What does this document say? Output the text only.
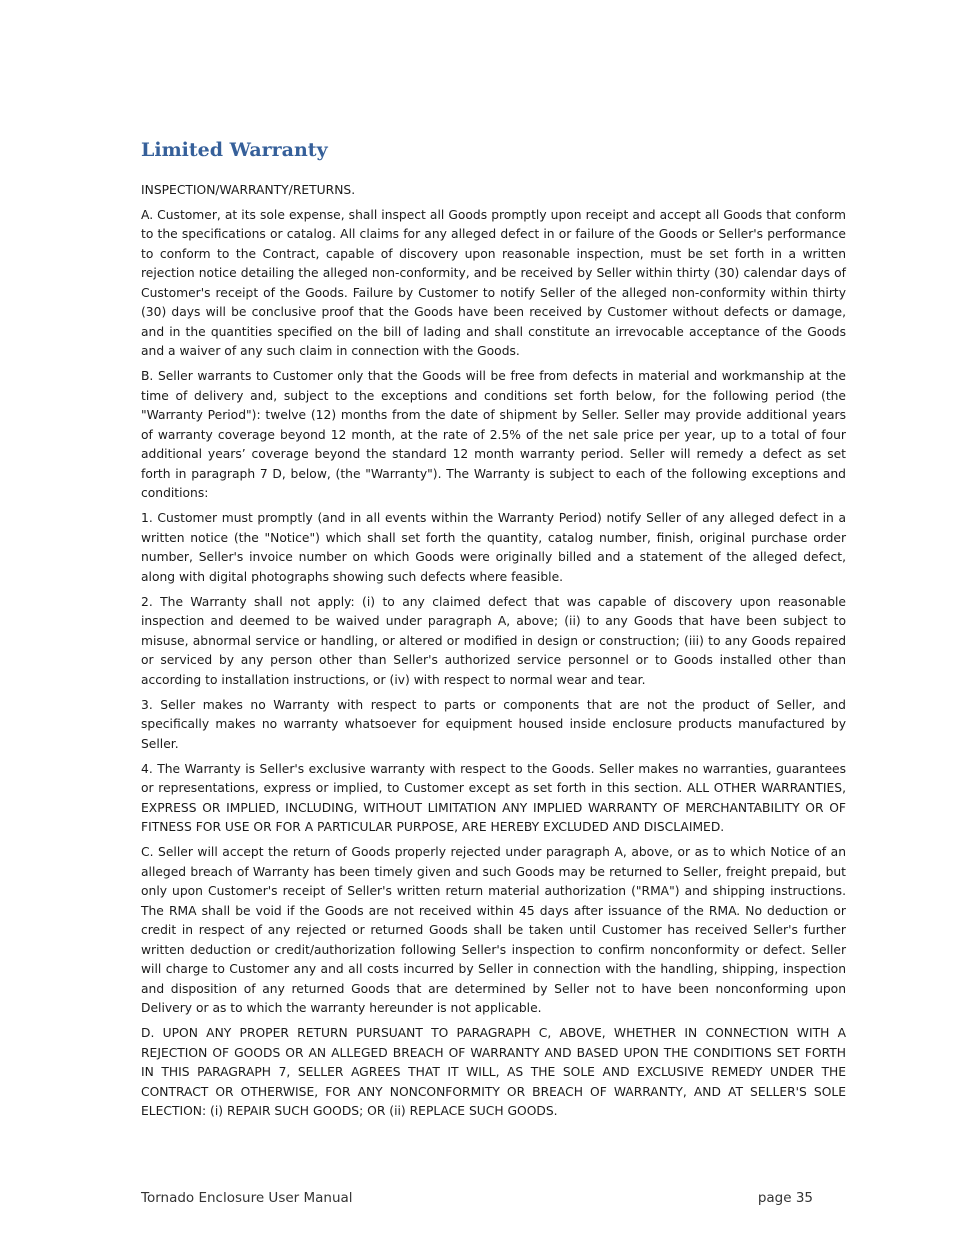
Limited Warranty

INSPECTION/WARRANTY/RETURNS.

A. Customer, at its sole expense, shall inspect all Goods promptly upon receipt and accept all Goods that conform to the specifications or catalog. All claims for any alleged defect in or failure of the Goods or Seller's performance to conform to the Contract, capable of discovery upon reasonable inspection, must be set forth in a written rejection notice detailing the alleged non-conformity, and be received by Seller within thirty (30) calendar days of Customer's receipt of the Goods. Failure by Customer to notify Seller of the alleged non-conformity within thirty (30) days will be conclusive proof that the Goods have been received by Customer without defects or damage, and in the quantities specified on the bill of lading and shall constitute an irrevocable acceptance of the Goods and a waiver of any such claim in connection with the Goods.

B. Seller warrants to Customer only that the Goods will be free from defects in material and workmanship at the time of delivery and, subject to the exceptions and conditions set forth below, for the following period (the "Warranty Period"): twelve (12) months from the date of shipment by Seller. Seller may provide additional years of warranty coverage beyond 12 month, at the rate of 2.5% of the net sale price per year, up to a total of four additional years’ coverage beyond the standard 12 month warranty period. Seller will remedy a defect as set forth in paragraph 7 D, below, (the "Warranty"). The Warranty is subject to each of the following exceptions and conditions:

1. Customer must promptly (and in all events within the Warranty Period) notify Seller of any alleged defect in a written notice (the "Notice") which shall set forth the quantity, catalog number, finish, original purchase order number, Seller's invoice number on which Goods were originally billed and a statement of the alleged defect, along with digital photographs showing such defects where feasible.

2. The Warranty shall not apply: (i) to any claimed defect that was capable of discovery upon reasonable inspection and deemed to be waived under paragraph A, above; (ii) to any Goods that have been subject to misuse, abnormal service or handling, or altered or modified in design or construction; (iii) to any Goods repaired or serviced by any person other than Seller's authorized service personnel or to Goods installed other than according to installation instructions, or (iv) with respect to normal wear and tear.

3. Seller makes no Warranty with respect to parts or components that are not the product of Seller, and specifically makes no warranty whatsoever for equipment housed inside enclosure products manufactured by Seller.

4. The Warranty is Seller's exclusive warranty with respect to the Goods. Seller makes no warranties, guarantees or representations, express or implied, to Customer except as set forth in this section. ALL OTHER WARRANTIES, EXPRESS OR IMPLIED, INCLUDING, WITHOUT LIMITATION ANY IMPLIED WARRANTY OF MERCHANTABILITY OR OF FITNESS FOR USE OR FOR A PARTICULAR PURPOSE, ARE HEREBY EXCLUDED AND DISCLAIMED.

C. Seller will accept the return of Goods properly rejected under paragraph A, above, or as to which Notice of an alleged breach of Warranty has been timely given and such Goods may be returned to Seller, freight prepaid, but only upon Customer's receipt of Seller's written return material authorization ("RMA") and shipping instructions. The RMA shall be void if the Goods are not received within 45 days after issuance of the RMA. No deduction or credit in respect of any rejected or returned Goods shall be taken until Customer has received Seller's further written deduction or credit/authorization following Seller's inspection to confirm nonconformity or defect. Seller will charge to Customer any and all costs incurred by Seller in connection with the handling, shipping, inspection and disposition of any returned Goods that are determined by Seller not to have been nonconforming upon Delivery or as to which the warranty hereunder is not applicable.

D. UPON ANY PROPER RETURN PURSUANT TO PARAGRAPH C, ABOVE, WHETHER IN CONNECTION WITH A REJECTION OF GOODS OR AN ALLEGED BREACH OF WARRANTY AND BASED UPON THE CONDITIONS SET FORTH IN THIS PARAGRAPH 7, SELLER AGREES THAT IT WILL, AS THE SOLE AND EXCLUSIVE REMEDY UNDER THE CONTRACT OR OTHERWISE, FOR ANY NONCONFORMITY OR BREACH OF WARRANTY, AND AT SELLER'S SOLE ELECTION: (i) REPAIR SUCH GOODS; OR (ii) REPLACE SUCH GOODS.

Tornado Enclosure User Manual	page 35
